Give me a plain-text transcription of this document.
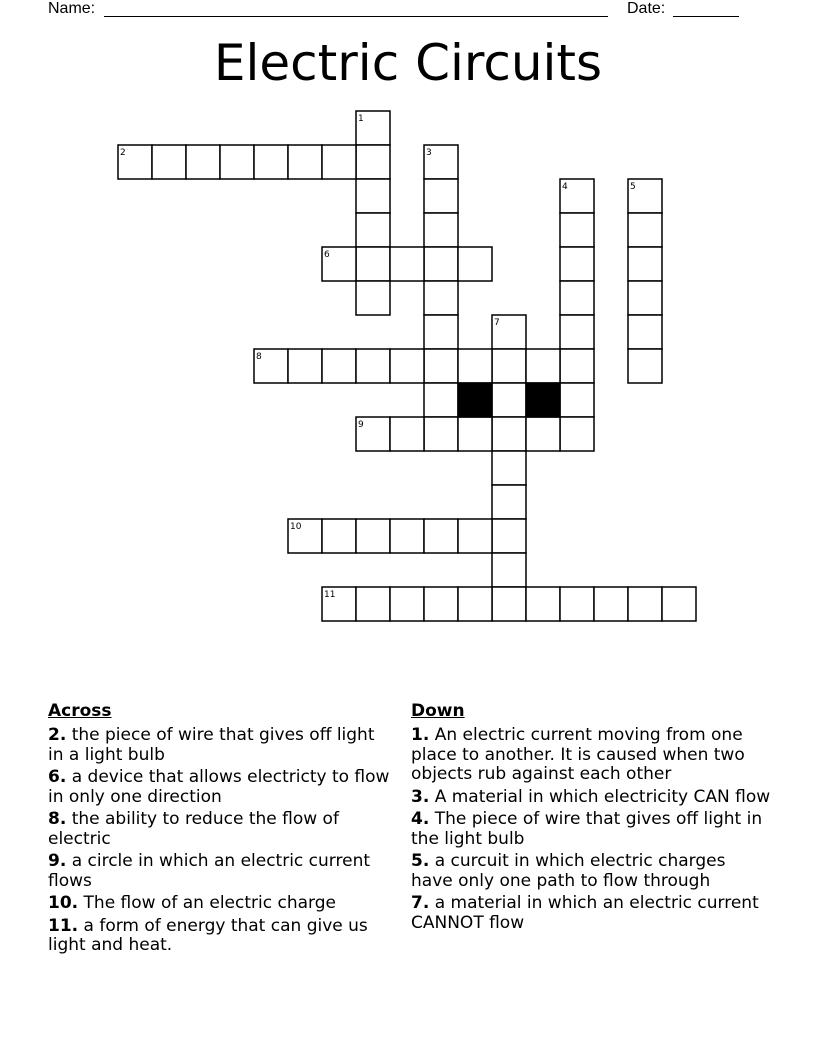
Name:	Date:
Electric Circuits
1
2	3
4	5
6
7
8
9
10
11
Across
2. the piece of wire that gives off light in a light bulb
6. a device that allows electricty to flow in only one direction
8. the ability to reduce the flow of electric
9. a circle in which an electric current flows
10. The flow of an electric charge
11. a form of energy that can give us light and heat.
Down
1. An electric current moving from one place to another. It is caused when two objects rub against each other
3. A material in which electricity CAN flow
4. The piece of wire that gives off light in the light bulb
5. a curcuit in which electric charges have only one path to flow through
7. a material in which an electric current CANNOT flow
